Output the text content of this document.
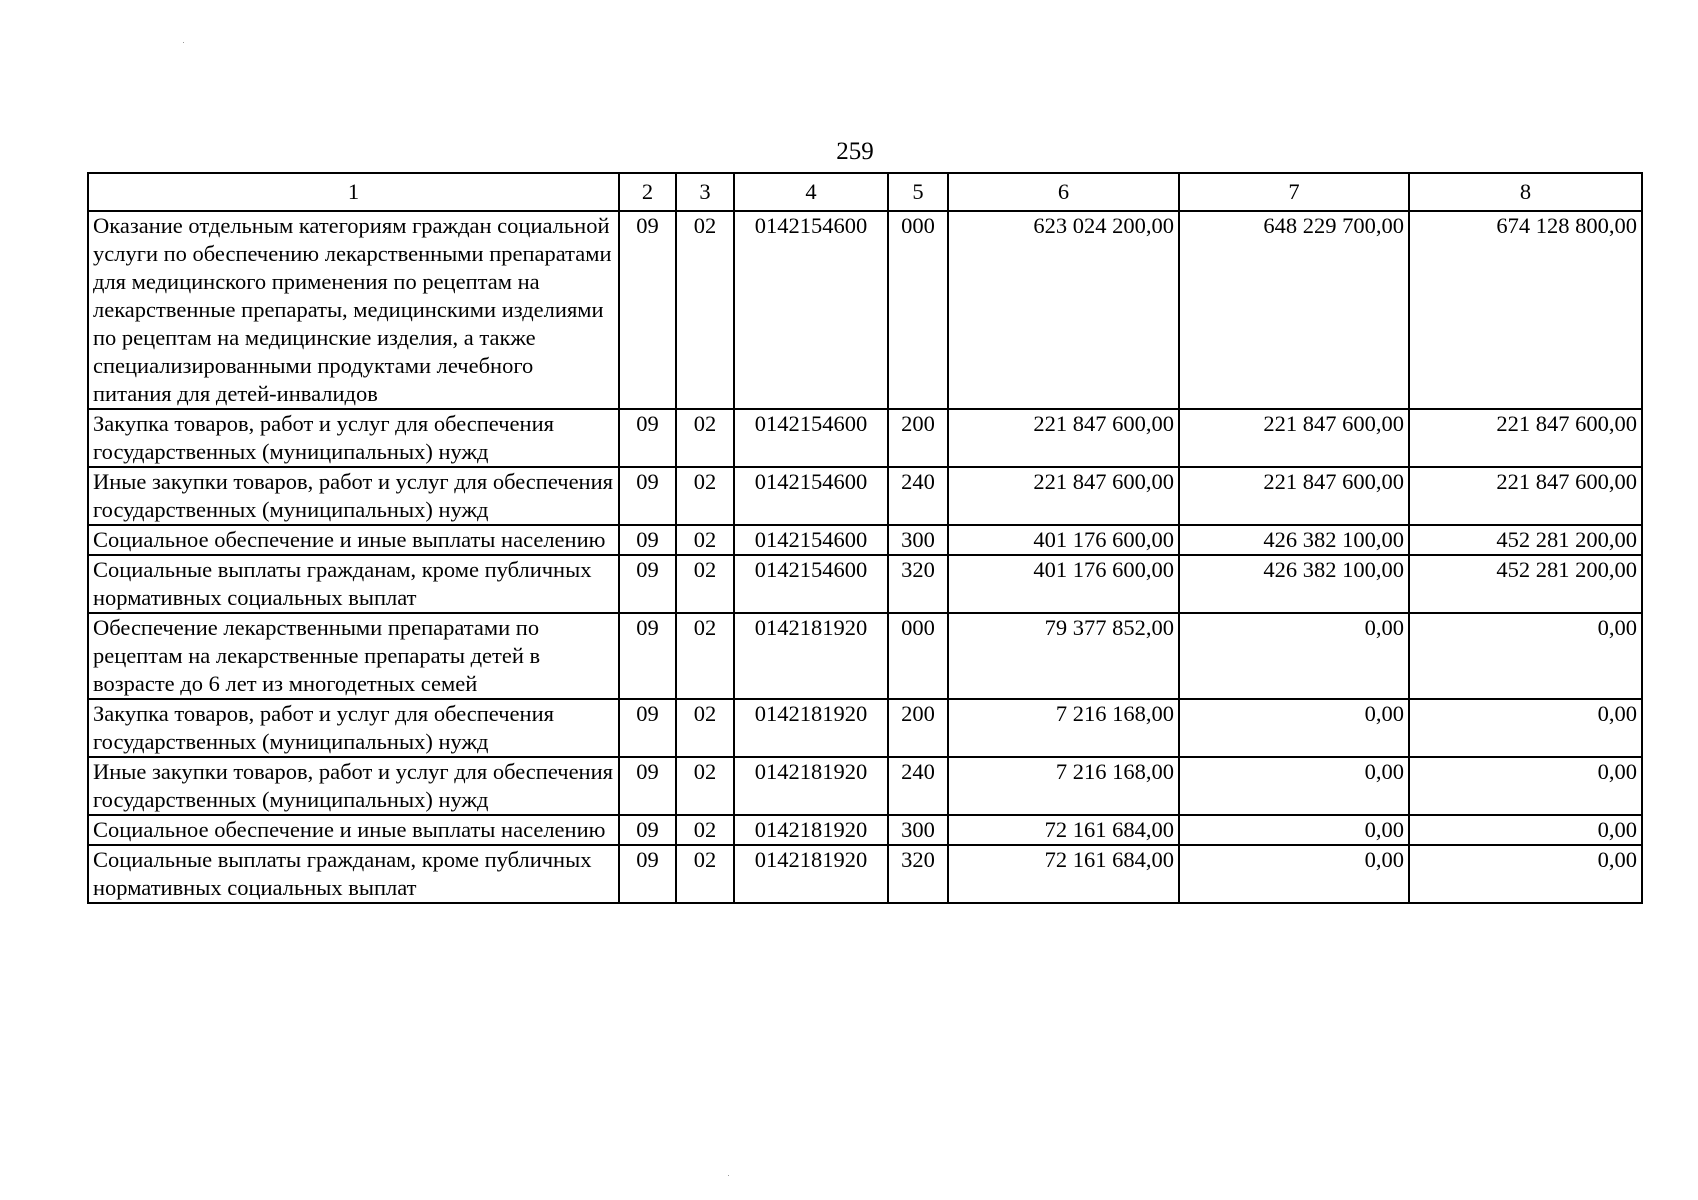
259
1	2	3	4	5	6	7	8
Оказание отдельным категориям граждан социальной услуги по обеспечению лекарственными препаратами для медицинского применения по рецептам на лекарственные препараты, медицинскими изделиями по рецептам на медицинские изделия, а также специализированными продуктами лечебного питания для детей-инвалидов	09	02	0142154600	000	623 024 200,00	648 229 700,00	674 128 800,00
Закупка товаров, работ и услуг для обеспечения государственных (муниципальных) нужд	09	02	0142154600	200	221 847 600,00	221 847 600,00	221 847 600,00
Иные закупки товаров, работ и услуг для обеспечения государственных (муниципальных) нужд	09	02	0142154600	240	221 847 600,00	221 847 600,00	221 847 600,00
Социальное обеспечение и иные выплаты населению	09	02	0142154600	300	401 176 600,00	426 382 100,00	452 281 200,00
Социальные выплаты гражданам, кроме публичных нормативных социальных выплат	09	02	0142154600	320	401 176 600,00	426 382 100,00	452 281 200,00
Обеспечение лекарственными препаратами по рецептам на лекарственные препараты детей в возрасте до 6 лет из многодетных семей	09	02	0142181920	000	79 377 852,00	0,00	0,00
Закупка товаров, работ и услуг для обеспечения государственных (муниципальных) нужд	09	02	0142181920	200	7 216 168,00	0,00	0,00
Иные закупки товаров, работ и услуг для обеспечения государственных (муниципальных) нужд	09	02	0142181920	240	7 216 168,00	0,00	0,00
Социальное обеспечение и иные выплаты населению	09	02	0142181920	300	72 161 684,00	0,00	0,00
Социальные выплаты гражданам, кроме публичных нормативных социальных выплат	09	02	0142181920	320	72 161 684,00	0,00	0,00
